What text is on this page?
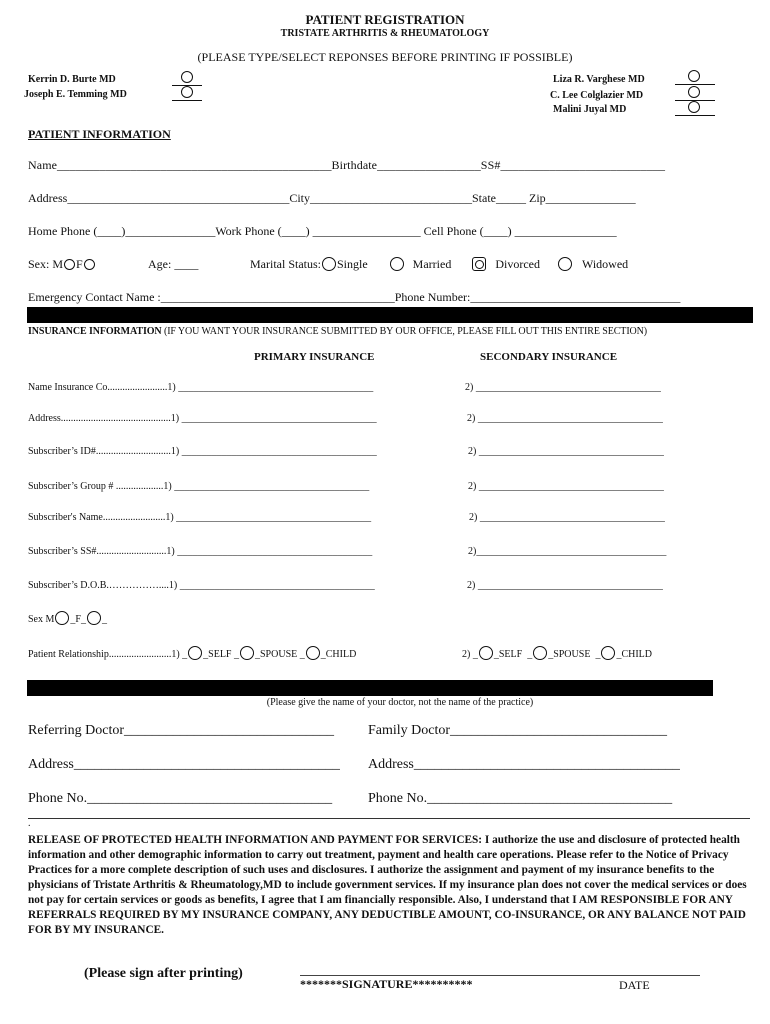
PATIENT REGISTRATION
TRISTATE ARTHRITIS & RHEUMATOLOGY
(PLEASE TYPE/SELECT REPONSES BEFORE PRINTING IF POSSIBLE)
Kerrin D. Burte MD
Joseph E. Temming MD
Liza R. Varghese MD
C. Lee Colglazier MD
Malini Juyal MD
PATIENT INFORMATION
Name_____________________________________________Birthdate_________________SS#___________________________
Address_____________________________________City___________________________State_____ Zip_______________
Home Phone (____)_______________Work Phone (____) __________________ Cell Phone (____) _________________
Sex: M F	Age: ____	Marital Status: Single	Married	Divorced	Widowed
Emergency Contact Name :_______________________________________Phone Number:___________________________________
INSURANCE INFORMATION (IF YOU WANT YOUR INSURANCE SUBMITTED BY OUR OFFICE, PLEASE FILL OUT THIS ENTIRE SECTION)
PRIMARY INSURANCE	SECONDARY INSURANCE
Name Insurance Co........................1) _______________________________________	2) _____________________________________
Address............................................1) _______________________________________	2) _____________________________________
Subscriber’s ID#..............................1) _______________________________________	2) _____________________________________
Subscriber’s Group # ...................1) _______________________________________	2) _____________________________________
Subscriber's Name.........................1) _______________________________________	2) _____________________________________
Subscriber’s SS#............................1) _______________________________________	2)______________________________________
Subscriber’s D.O.B.……………....1) _______________________________________	2) _____________________________________
Sex M _F_ _
Patient Relationship.........................1) _ _SELF _ _SPOUSE _ _CHILD	2) _ _SELF  _ _SPOUSE  _ _CHILD
(Please give the name of your doctor, not the name of the practice)
Referring Doctor______________________________ Family Doctor_______________________________
Address______________________________________ Address______________________________________
Phone No.___________________________________	Phone No.___________________________________
.
RELEASE OF PROTECTED HEALTH INFORMATION AND PAYMENT FOR SERVICES: I authorize the use and disclosure of protected health information and other demographic information to carry out treatment, payment and health care operations. Please refer to the Notice of Privacy Practices for a more complete description of such uses and disclosures. I authorize the assignment and payment of my insurance benefits to the physicians of Tristate Arthritis & Rheumatology,MD to include government services. If my insurance plan does not cover the medical services or does not pay for certain services or goods as benefits, I agree that I am financially responsible. Also, I understand that I AM RESPONSIBLE FOR ANY REFERRALS REQUIRED BY MY INSURANCE COMPANY, ANY DEDUCTIBLE AMOUNT, CO-INSURANCE, OR ANY BALANCE NOT PAID FOR BY MY INSURANCE.
(Please sign after printing)
*******SIGNATURE**********	DATE
